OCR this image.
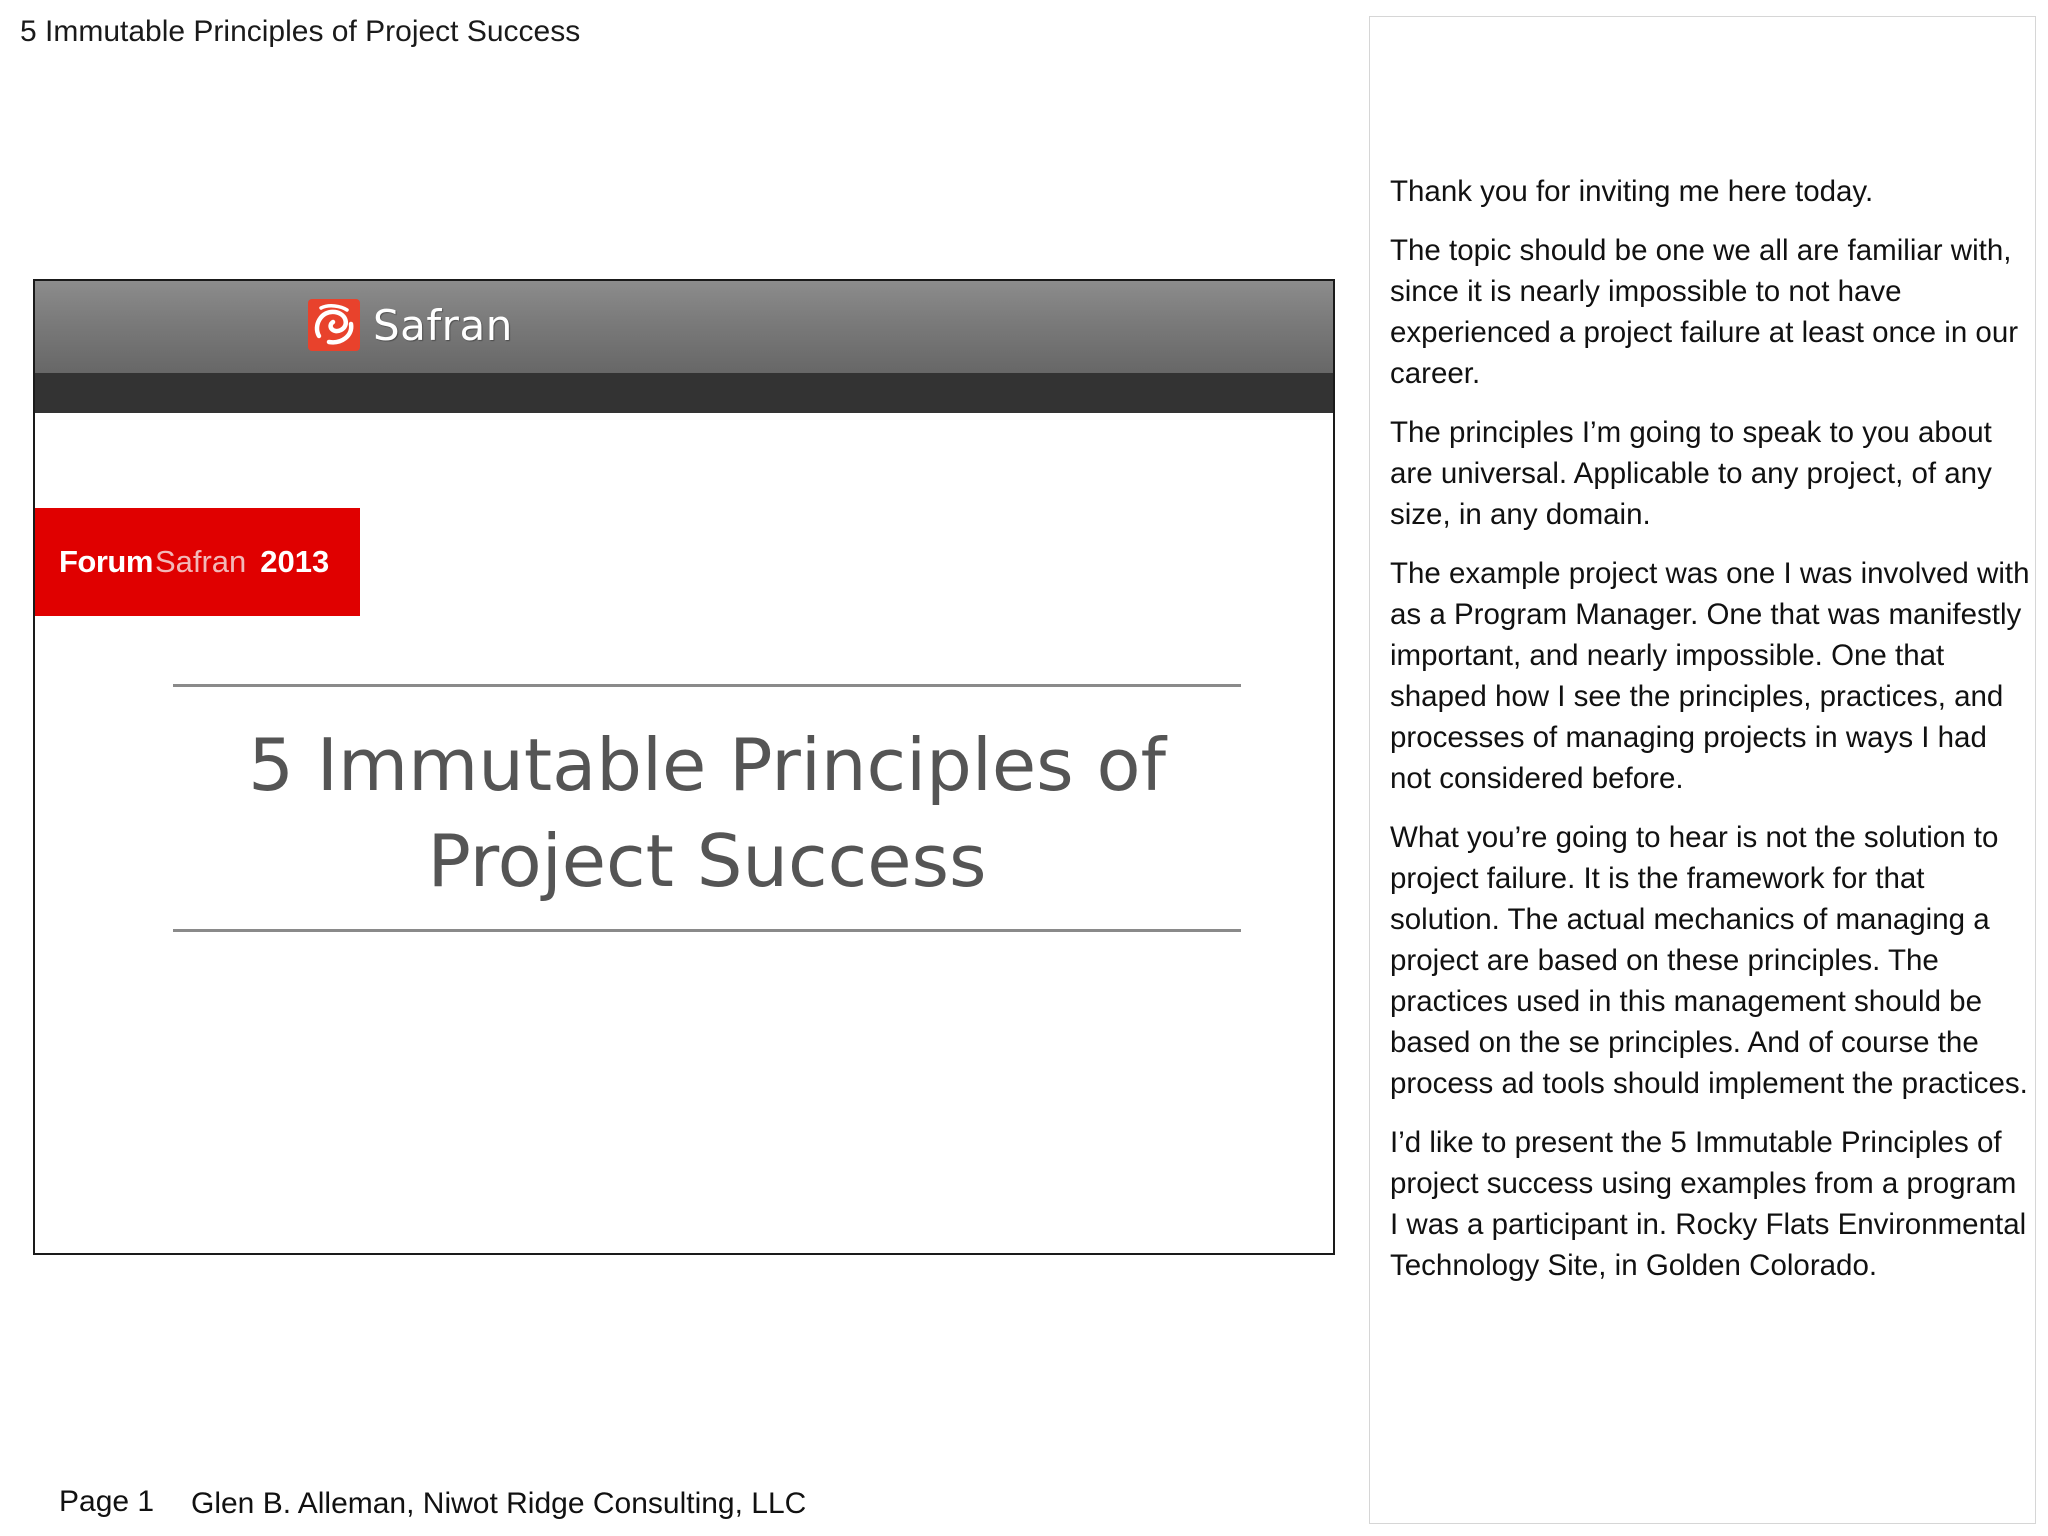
5 Immutable Principles of Project Success
Safran
Forum Safran 2013
5 Immutable Principles of
Project Success

Thank you for inviting me here today.

The topic should be one we all are familiar with, since it is nearly impossible to not have experienced a project failure at least once in our career.

The principles I’m going to speak to you about are universal. Applicable to any project, of any size, in any domain.

The example project was one I was involved with as a Program Manager. One that was manifestly important, and nearly impossible. One that shaped how I see the principles, practices, and processes of managing projects in ways I had not considered before.

What you’re going to hear is not the solution to project failure. It is the framework for that solution. The actual mechanics of managing a project are based on these principles. The practices used in this management should be based on the se principles. And of course the process ad tools should implement the practices.

I’d like to present the 5 Immutable Principles of project success using examples from a program I was a participant in. Rocky Flats Environmental Technology Site, in Golden Colorado.

Page 1 Glen B. Alleman, Niwot Ridge Consulting, LLC
